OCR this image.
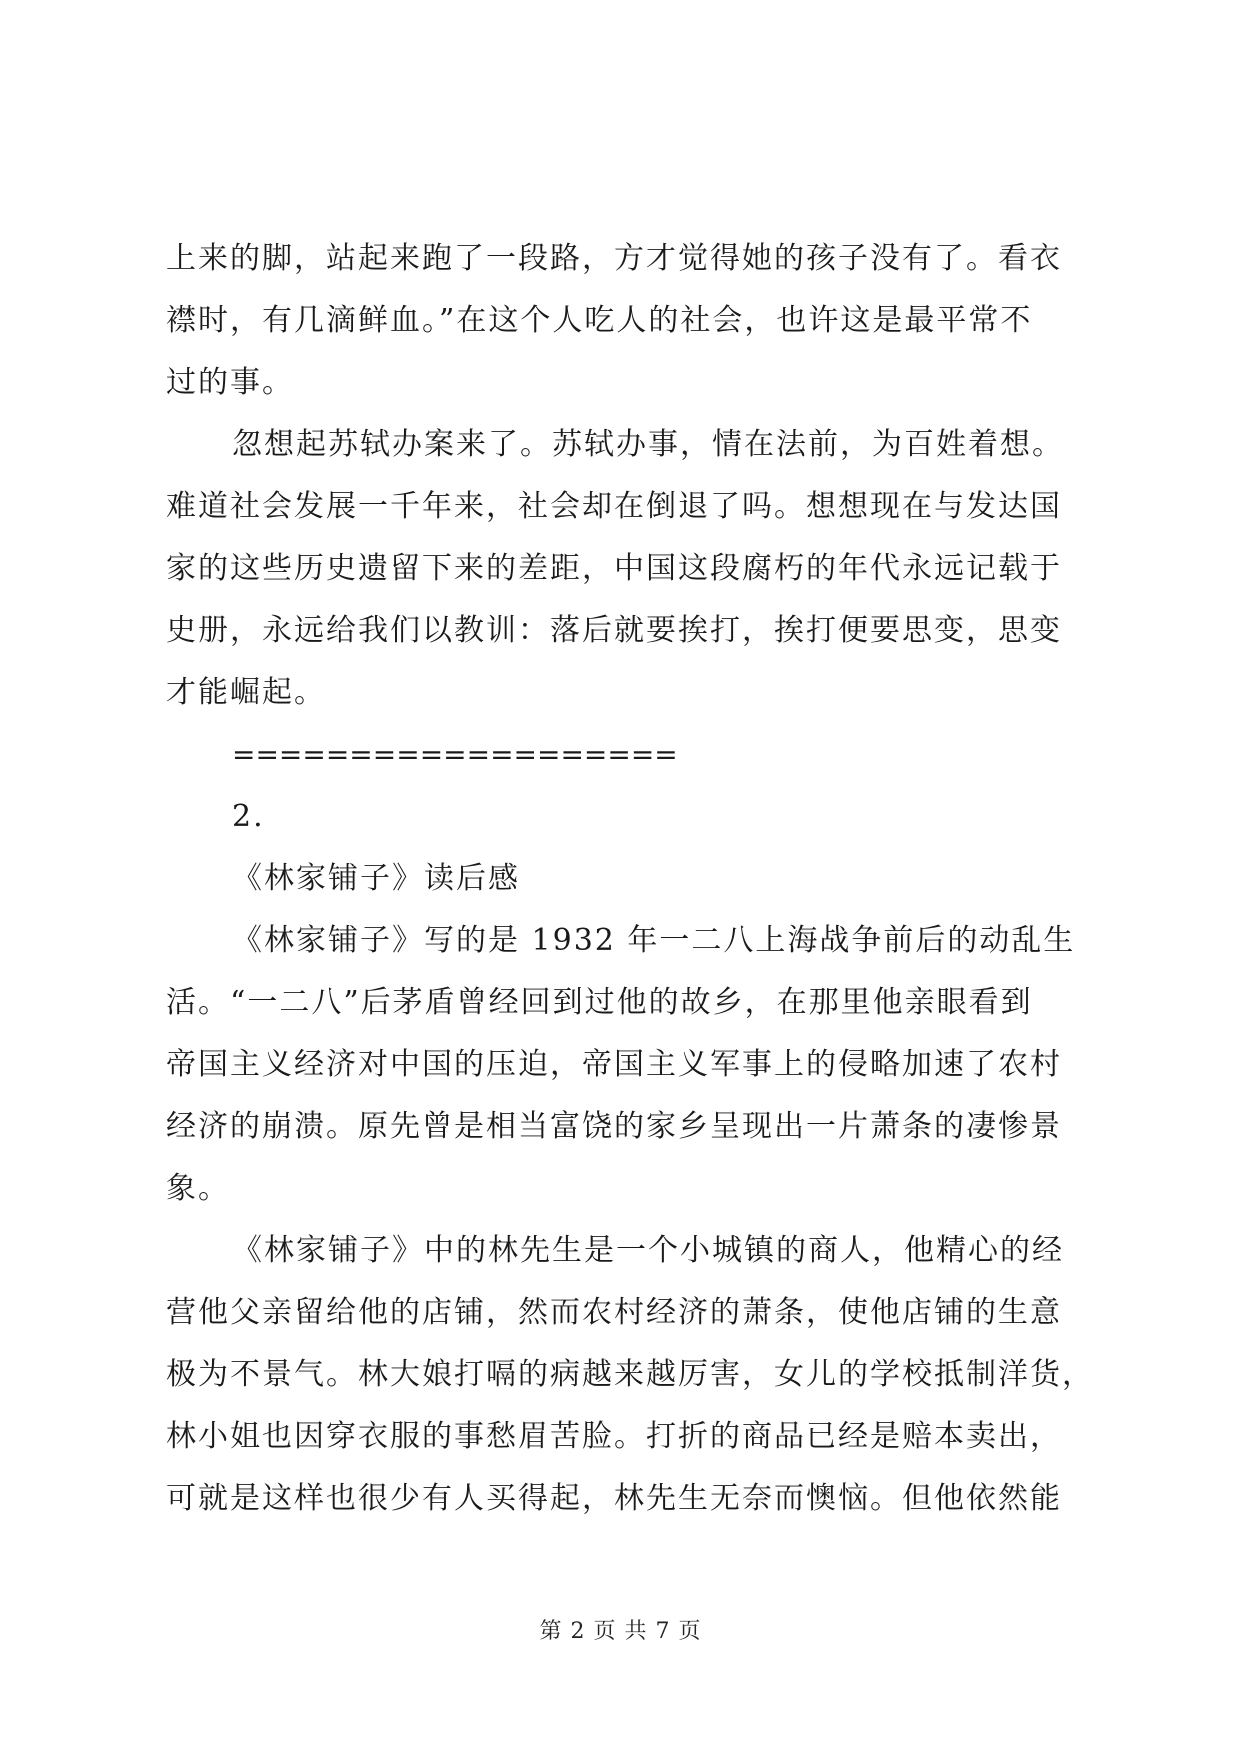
上来的脚，站起来跑了一段路，方才觉得她的孩子没有了。看衣
襟时，有几滴鲜血。”在这个人吃人的社会，也许这是最平常不
过的事。
忽想起苏轼办案来了。苏轼办事，情在法前，为百姓着想。
难道社会发展一千年来，社会却在倒退了吗。想想现在与发达国
家的这些历史遗留下来的差距，中国这段腐朽的年代永远记载于
史册，永远给我们以教训：落后就要挨打，挨打便要思变，思变
才能崛起。
===================
2.
《林家铺子》读后感
《林家铺子》写的是 1932 年一二八上海战争前后的动乱生
活。“一二八”后茅盾曾经回到过他的故乡，在那里他亲眼看到
帝国主义经济对中国的压迫，帝国主义军事上的侵略加速了农村
经济的崩溃。原先曾是相当富饶的家乡呈现出一片萧条的凄惨景
象。
《林家铺子》中的林先生是一个小城镇的商人，他精心的经
营他父亲留给他的店铺，然而农村经济的萧条，使他店铺的生意
极为不景气。林大娘打嗝的病越来越厉害，女儿的学校抵制洋货，
林小姐也因穿衣服的事愁眉苦脸。打折的商品已经是赔本卖出，
可就是这样也很少有人买得起，林先生无奈而懊恼。但他依然能
第 2 页 共 7 页
